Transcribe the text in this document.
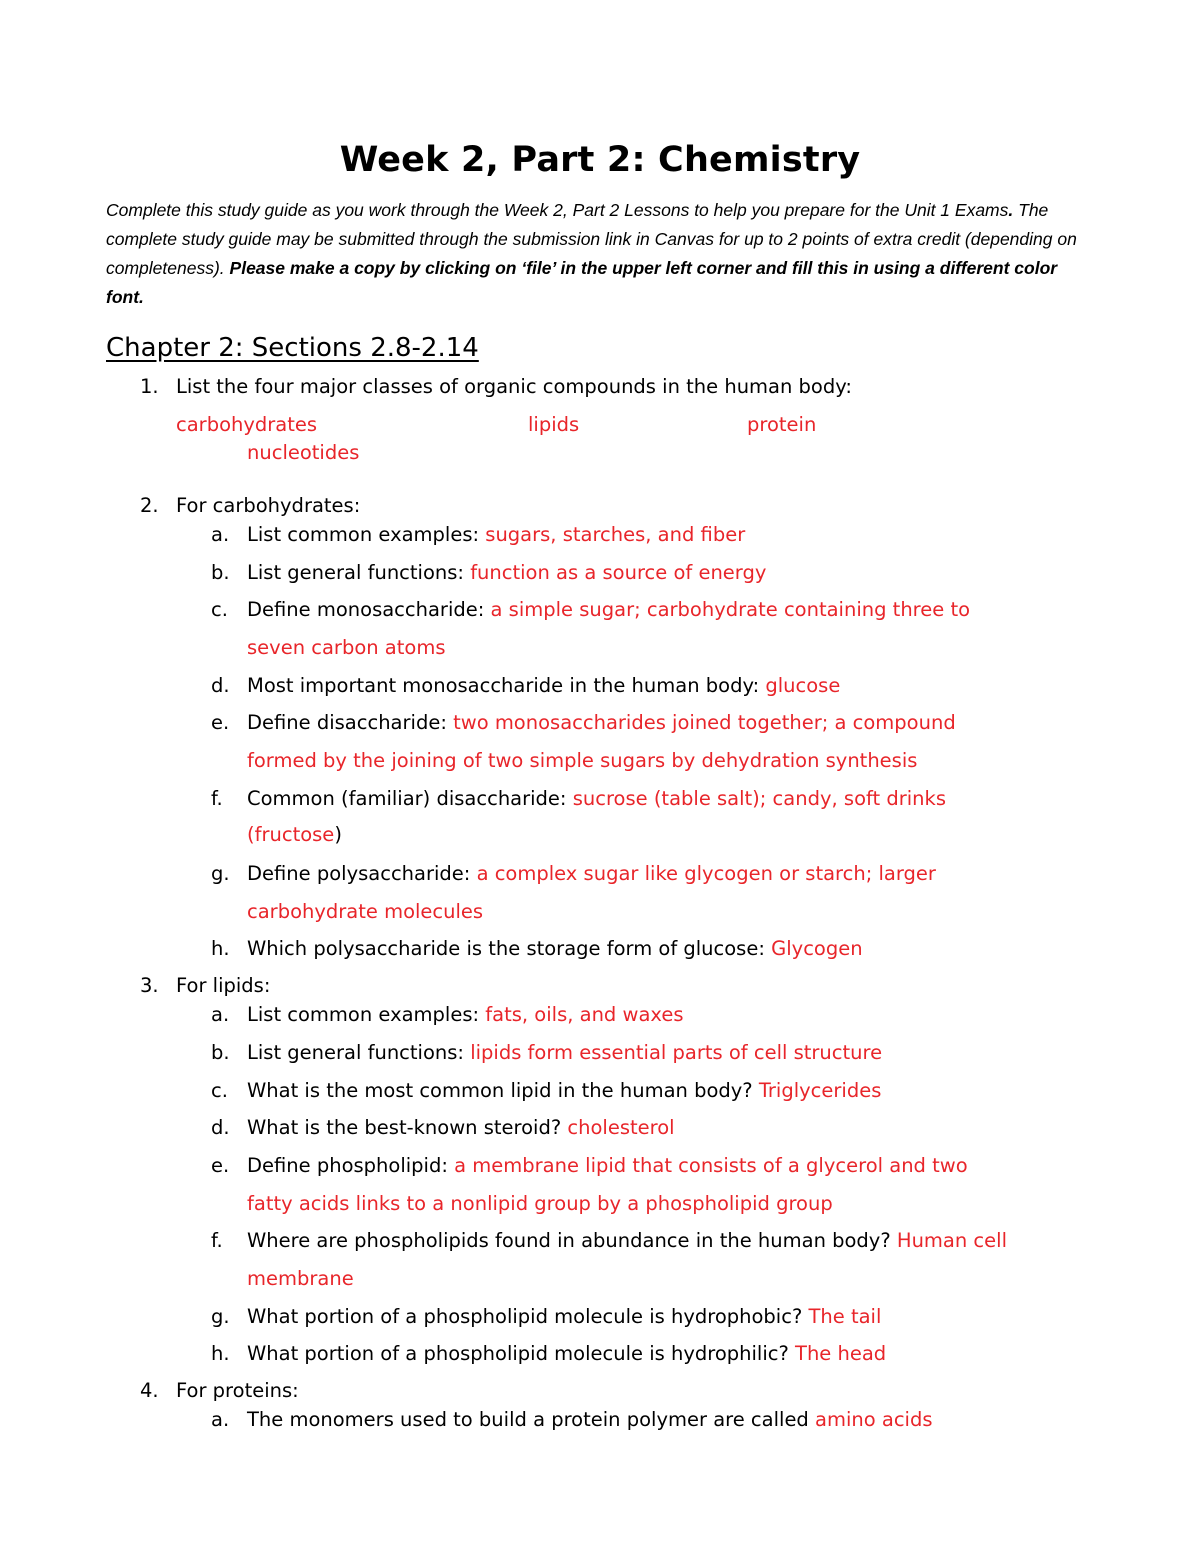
Week 2, Part 2: Chemistry
Complete this study guide as you work through the Week 2, Part 2 Lessons to help you prepare for the Unit 1 Exams. The complete study guide may be submitted through the submission link in Canvas for up to 2 points of extra credit (depending on completeness). Please make a copy by clicking on ‘file’ in the upper left corner and fill this in using a different color font.
Chapter 2: Sections 2.8-2.14
1. List the four major classes of organic compounds in the human body:
carbohydrates	lipids	protein
nucleotides
2. For carbohydrates:
a. List common examples: sugars, starches, and fiber
b. List general functions: function as a source of energy
c. Define monosaccharide: a simple sugar; carbohydrate containing three to
seven carbon atoms
d. Most important monosaccharide in the human body: glucose
e. Define disaccharide: two monosaccharides joined together; a compound
formed by the joining of two simple sugars by dehydration synthesis
f. Common (familiar) disaccharide: sucrose (table salt); candy, soft drinks
(fructose)
g. Define polysaccharide: a complex sugar like glycogen or starch; larger
carbohydrate molecules
h. Which polysaccharide is the storage form of glucose: Glycogen
3. For lipids:
a. List common examples: fats, oils, and waxes
b. List general functions: lipids form essential parts of cell structure
c. What is the most common lipid in the human body? Triglycerides
d. What is the best-known steroid? cholesterol
e. Define phospholipid: a membrane lipid that consists of a glycerol and two
fatty acids links to a nonlipid group by a phospholipid group
f. Where are phospholipids found in abundance in the human body? Human cell
membrane
g. What portion of a phospholipid molecule is hydrophobic? The tail
h. What portion of a phospholipid molecule is hydrophilic? The head
4. For proteins:
a. The monomers used to build a protein polymer are called amino acids
